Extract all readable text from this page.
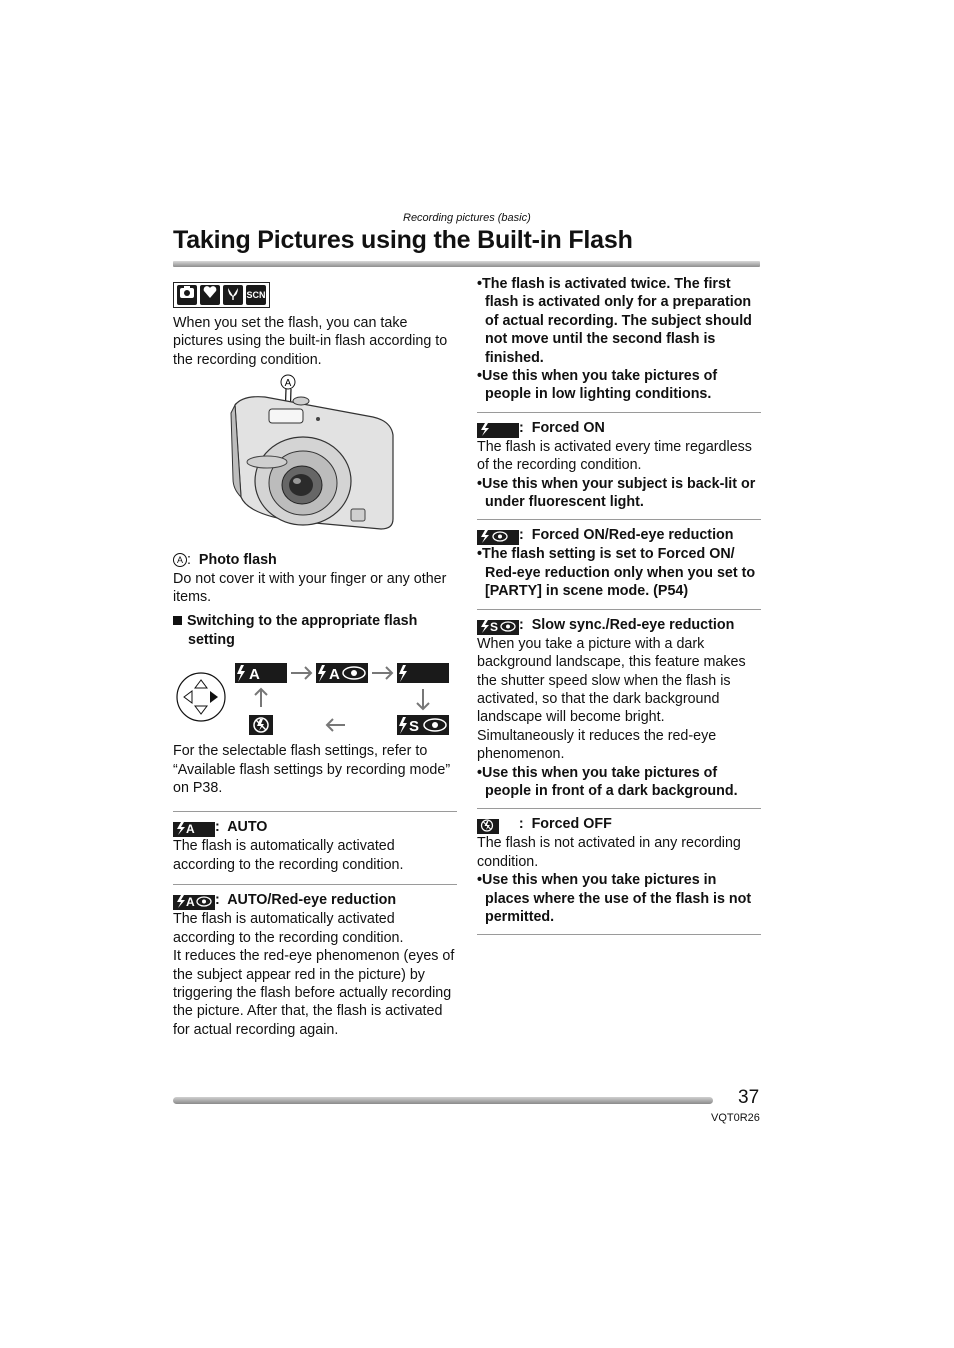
Recording pictures (basic)
Taking Pictures using the Built-in Flash
SCN

When you set the flash, you can take pictures using the built-in flash according to the recording condition.

A

A :  Photo flash

Do not cover it with your finger or any other items.

Switching to the appropriate flash
setting
A	A
S

For the selectable flash settings, refer to “Available flash settings by recording mode” on P38.

A:  AUTO

The flash is automatically activated according to the recording condition.

A :  AUTO/Red-eye reduction

The flash is automatically activated according to the recording condition.

It reduces the red-eye phenomenon (eyes of the subject appear red in the picture) by triggering the flash before actually recording the picture. After that, the flash is activated for actual recording again.

•The flash is activated twice. The first flash is activated only for a preparation of actual recording. The subject should not move until the second flash is finished.

•Use this when you take pictures of people in low lighting conditions.

:  Forced ON

The flash is activated every time regardless of the recording condition.

•Use this when your subject is back-lit or under fluorescent light.

:  Forced ON/Red-eye reduction

•The flash setting is set to Forced ON/ Red-eye reduction only when you set to [PARTY] in scene mode. (P54)

S :  Slow sync./Red-eye reduction

When you take a picture with a dark background landscape, this feature makes the shutter speed slow when the flash is activated, so that the dark background landscape will become bright. Simultaneously it reduces the red-eye phenomenon.

•Use this when you take pictures of people in front of a dark background.

:  Forced OFF

The flash is not activated in any recording condition.

•Use this when you take pictures in places where the use of the flash is not permitted.

37
VQT0R26
